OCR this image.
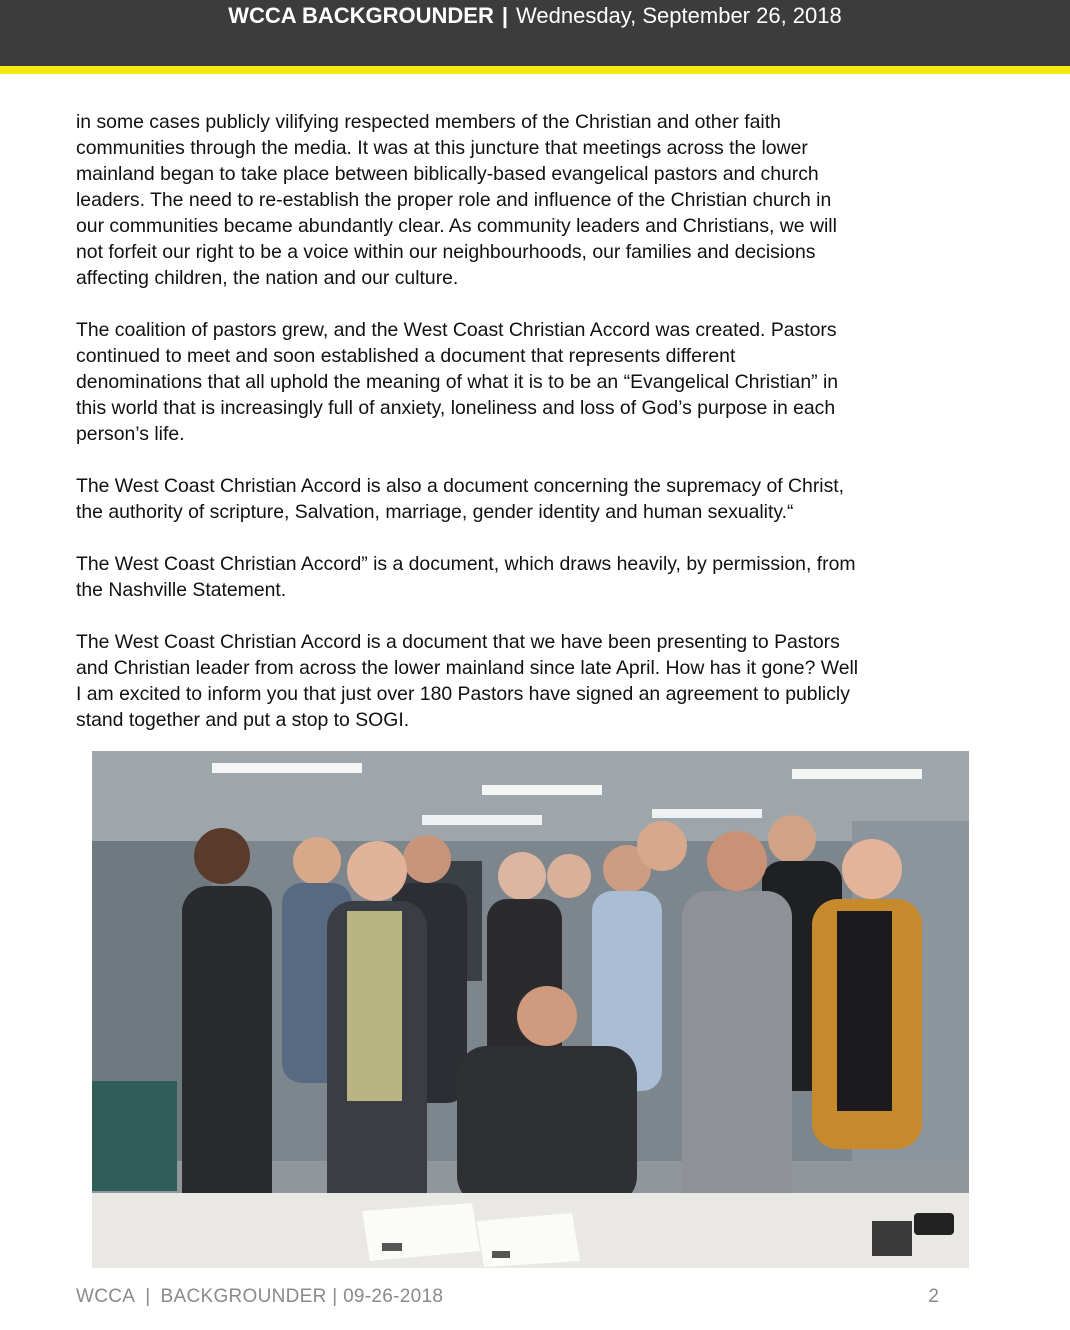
WCCA BACKGROUNDER | Wednesday, September 26, 2018

in some cases publicly vilifying respected members of the Christian and other faith
communities through the media. It was at this juncture that meetings across the lower
mainland began to take place between biblically-based evangelical pastors and church
leaders. The need to re-establish the proper role and influence of the Christian church in
our communities became abundantly clear. As community leaders and Christians, we will
not forfeit our right to be a voice within our neighbourhoods, our families and decisions
affecting children, the nation and our culture.

The coalition of pastors grew, and the West Coast Christian Accord was created. Pastors
continued to meet and soon established a document that represents different
denominations that all uphold the meaning of what it is to be an “Evangelical Christian” in
this world that is increasingly full of anxiety, loneliness and loss of God’s purpose in each
person’s life.

The West Coast Christian Accord is also a document concerning the supremacy of Christ,
the authority of scripture, Salvation, marriage, gender identity and human sexuality.“

The West Coast Christian Accord” is a document, which draws heavily, by permission, from
the Nashville Statement.

The West Coast Christian Accord is a document that we have been presenting to Pastors
and Christian leader from across the lower mainland since late April. How has it gone? Well
I am excited to inform you that just over 180 Pastors have signed an agreement to publicly
stand together and put a stop to SOGI.

WCCA | BACKGROUNDER | 09-26-2018	2
